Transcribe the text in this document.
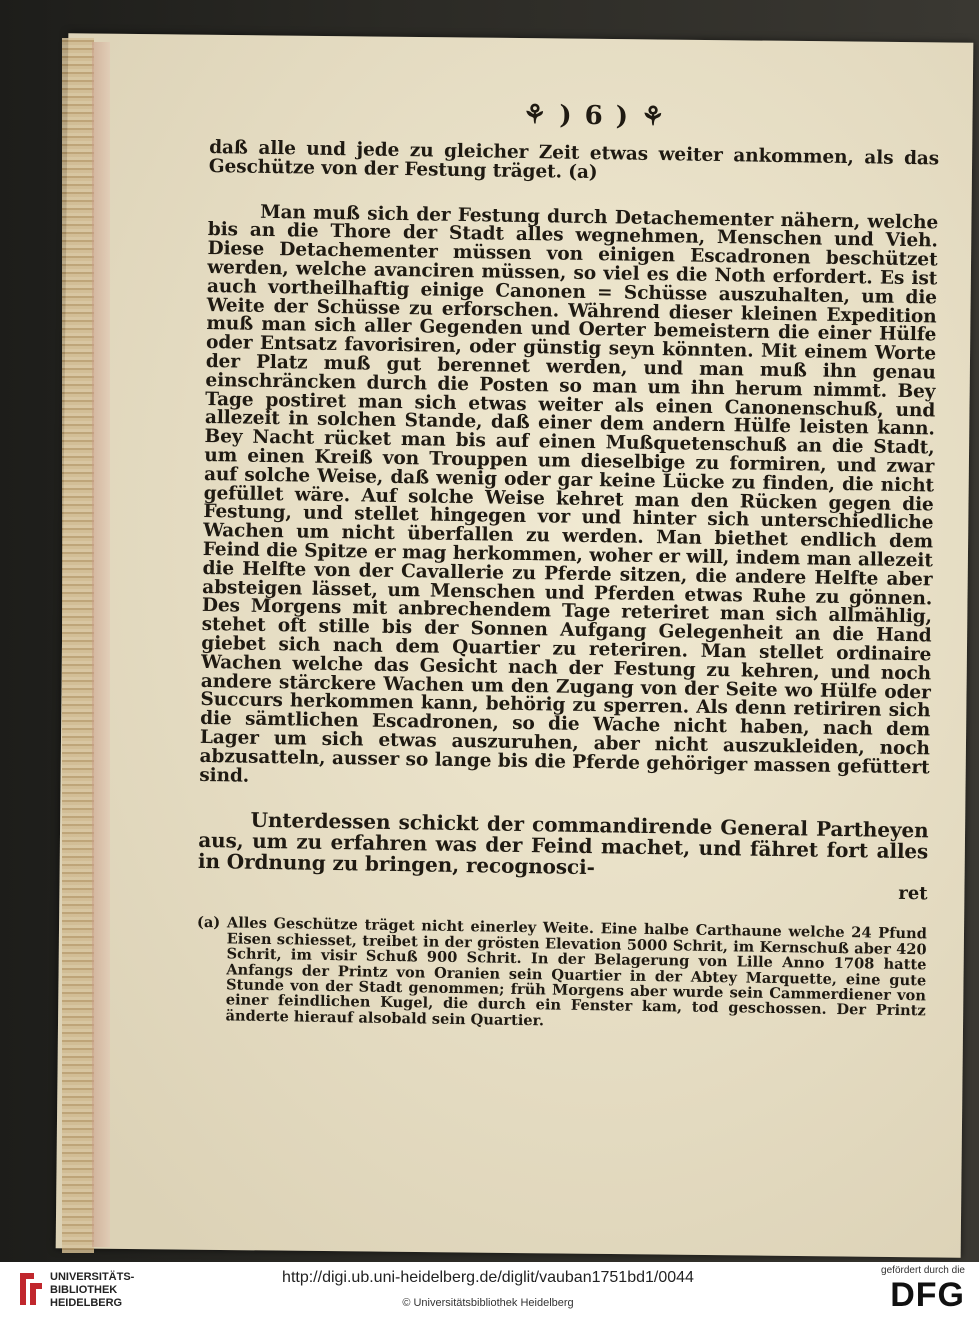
⚘ ) 6 ) ⚘

daß alle und jede zu gleicher Zeit etwas weiter ankommen, als das Geschütze von der Festung träget. (a)

Man muß sich der Festung durch Detachementer nähern, welche bis an die Thore der Stadt alles wegnehmen, Menschen und Vieh. Diese Detachementer müssen von einigen Escadronen beschützet werden, welche avanciren müssen, so viel es die Noth erfordert. Es ist auch vortheilhaftig einige Canonen = Schüsse auszuhalten, um die Weite der Schüsse zu erforschen. Während dieser kleinen Expedition muß man sich aller Gegenden und Oerter bemeistern die einer Hülfe oder Entsatz favorisiren, oder günstig seyn könnten. Mit einem Worte der Platz muß gut berennet werden, und man muß ihn genau einschräncken durch die Posten so man um ihn herum nimmt. Bey Tage postiret man sich etwas weiter als einen Canonenschuß, und allezeit in solchen Stande, daß einer dem andern Hülfe leisten kann. Bey Nacht rücket man bis auf einen Mußquetenschuß an die Stadt, um einen Kreiß von Trouppen um dieselbige zu formiren, und zwar auf solche Weise, daß wenig oder gar keine Lücke zu finden, die nicht gefüllet wäre. Auf solche Weise kehret man den Rücken gegen die Festung, und stellet hingegen vor und hinter sich unterschiedliche Wachen um nicht überfallen zu werden. Man biethet endlich dem Feind die Spitze er mag herkommen, woher er will, indem man allezeit die Helfte von der Cavallerie zu Pferde sitzen, die andere Helfte aber absteigen lässet, um Menschen und Pferden etwas Ruhe zu gönnen. Des Morgens mit anbrechendem Tage reteriret man sich allmählig, stehet oft stille bis der Sonnen Aufgang Gelegenheit an die Hand giebet sich nach dem Quartier zu reteriren. Man stellet ordinaire Wachen welche das Gesicht nach der Festung zu kehren, und noch andere stärckere Wachen um den Zugang von der Seite wo Hülfe oder Succurs herkommen kann, behörig zu sperren. Als denn retiriren sich die sämtlichen Escadronen, so die Wache nicht haben, nach dem Lager um sich etwas auszuruhen, aber nicht auszukleiden, noch abzusatteln, ausser so lange bis die Pferde gehöriger massen gefüttert sind.

Unterdessen schickt der commandirende General Partheyen aus, um zu erfahren was der Feind machet, und fähret fort alles in Ordnung zu bringen, recognosci-

ret

(a) Alles Geschütze träget nicht einerley Weite. Eine halbe Carthaune welche 24 Pfund Eisen schiesset, treibet in der grösten Elevation 5000 Schrit, im Kernschuß aber 420 Schrit, im visir Schuß 900 Schrit. In der Belagerung von Lille Anno 1708 hatte Anfangs der Printz von Oranien sein Quartier in der Abtey Marquette, eine gute Stunde von der Stadt genommen; früh Morgens aber wurde sein Cammerdiener von einer feindlichen Kugel, die durch ein Fenster kam, tod geschossen. Der Printz änderte hierauf alsobald sein Quartier.

UNIVERSITÄTS-
BIBLIOTHEK
HEIDELBERG
http://digi.ub.uni-heidelberg.de/diglit/vauban1751bd1/0044
© Universitätsbibliothek Heidelberg
gefördert durch die
DFG
